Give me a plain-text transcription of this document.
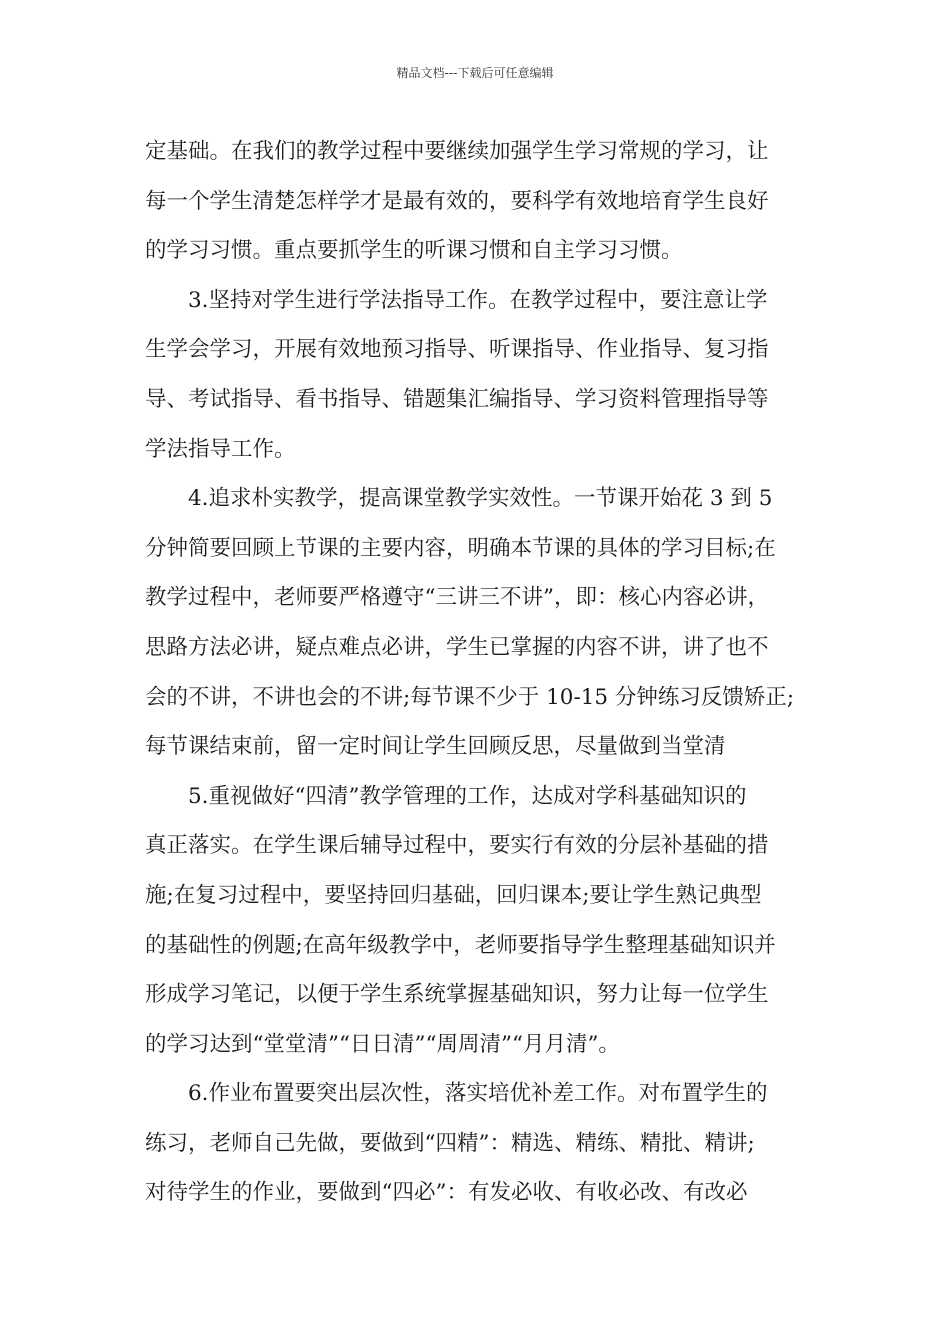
精品文档---下载后可任意编辑
定基础。在我们的教学过程中要继续加强学生学习常规的学习，让
每一个学生清楚怎样学才是最有效的，要科学有效地培育学生良好
的学习习惯。重点要抓学生的听课习惯和自主学习习惯。
3.坚持对学生进行学法指导工作。在教学过程中，要注意让学
生学会学习，开展有效地预习指导、听课指导、作业指导、复习指
导、考试指导、看书指导、错题集汇编指导、学习资料管理指导等
学法指导工作。
4.追求朴实教学，提高课堂教学实效性。一节课开始花 3 到 5
分钟简要回顾上节课的主要内容，明确本节课的具体的学习目标;在
教学过程中，老师要严格遵守“三讲三不讲”，即：核心内容必讲，
思路方法必讲，疑点难点必讲，学生已掌握的内容不讲，讲了也不
会的不讲，不讲也会的不讲;每节课不少于 10-15 分钟练习反馈矫正;
每节课结束前，留一定时间让学生回顾反思，尽量做到当堂清
5.重视做好“四清”教学管理的工作，达成对学科基础知识的
真正落实。在学生课后辅导过程中，要实行有效的分层补基础的措
施;在复习过程中，要坚持回归基础，回归课本;要让学生熟记典型
的基础性的例题;在高年级教学中，老师要指导学生整理基础知识并
形成学习笔记，以便于学生系统掌握基础知识，努力让每一位学生
的学习达到“堂堂清”“日日清”“周周清”“月月清”。
6.作业布置要突出层次性，落实培优补差工作。对布置学生的
练习，老师自己先做，要做到“四精”：精选、精练、精批、精讲;
对待学生的作业，要做到“四必”：有发必收、有收必改、有改必
